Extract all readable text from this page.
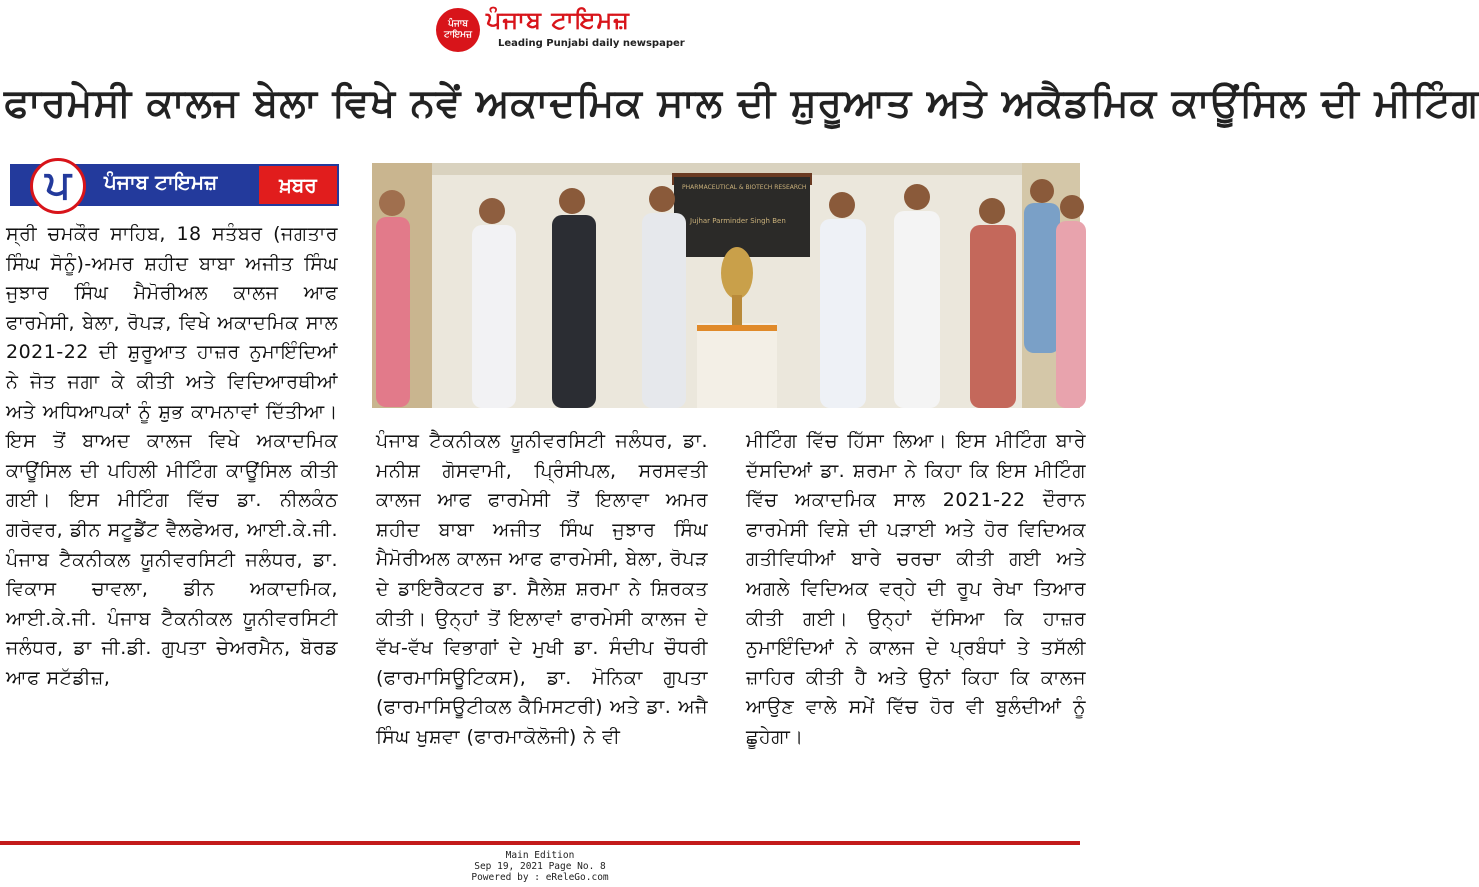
ਪੰਜਾਬ ਟਾਇਮਜ਼
ਪੰਜਾਬ ਟਾਇਮਜ਼
Leading Punjabi daily newspaper
ਫਾਰਮੇਸੀ ਕਾਲਜ ਬੇਲਾ ਵਿਖੇ ਨਵੇਂ ਅਕਾਦਮਿਕ ਸਾਲ ਦੀ ਸ਼ੁਰੂਆਤ ਅਤੇ ਅਕੈਡਮਿਕ ਕਾਊਂਸਿਲ ਦੀ ਮੀਟਿੰਗ
ਪ	ਪੰਜਾਬ ਟਾਇਮਜ਼	ਖ਼ਬਰ

ਸ੍ਰੀ ਚਮਕੌਰ ਸਾਹਿਬ, 18 ਸਤੰਬਰ (ਜਗਤਾਰ ਸਿੰਘ ਸੋਨੂੰ)-ਅਮਰ ਸ਼ਹੀਦ ਬਾਬਾ ਅਜੀਤ ਸਿੰਘ ਜੁਝਾਰ ਸਿੰਘ ਮੈਮੋਰੀਅਲ ਕਾਲਜ ਆਫ ਫਾਰਮੇਸੀ, ਬੇਲਾ, ਰੋਪੜ, ਵਿਖੇ ਅਕਾਦਮਿਕ ਸਾਲ 2021-22 ਦੀ ਸ਼ੁਰੂਆਤ ਹਾਜ਼ਰ ਨੁਮਾਇੰਦਿਆਂ ਨੇ ਜੋਤ ਜਗਾ ਕੇ ਕੀਤੀ ਅਤੇ ਵਿਦਿਆਰਥੀਆਂ ਅਤੇ ਅਧਿਆਪਕਾਂ ਨੂੰ ਸ਼ੁਭ ਕਾਮਨਾਵਾਂ ਦਿੱਤੀਆ। ਇਸ ਤੋਂ ਬਾਅਦ ਕਾਲਜ ਵਿਖੇ ਅਕਾਦਮਿਕ ਕਾਊਂਸਿਲ ਦੀ ਪਹਿਲੀ ਮੀਟਿੰਗ ਕਾਊਂਸਿਲ ਕੀਤੀ ਗਈ। ਇਸ ਮੀਟਿੰਗ ਵਿੱਚ ਡਾ. ਨੀਲਕੰਠ ਗਰੋਵਰ, ਡੀਨ ਸਟੂਡੈਂਟ ਵੈਲਫੇਅਰ, ਆਈ.ਕੇ.ਜੀ. ਪੰਜਾਬ ਟੈਕਨੀਕਲ ਯੂਨੀਵਰਸਿਟੀ ਜਲੰਧਰ, ਡਾ. ਵਿਕਾਸ ਚਾਵਲਾ, ਡੀਨ ਅਕਾਦਮਿਕ, ਆਈ.ਕੇ.ਜੀ. ਪੰਜਾਬ ਟੈਕਨੀਕਲ ਯੂਨੀਵਰਸਿਟੀ ਜਲੰਧਰ, ਡਾ ਜੀ.ਡੀ. ਗੁਪਤਾ ਚੇਅਰਮੈਨ, ਬੋਰਡ ਆਫ ਸਟੱਡੀਜ਼,

PHARMACEUTICAL & BIOTECH RESEARCH
Jujhar Parminder Singh Ben

ਪੰਜਾਬ ਟੈਕਨੀਕਲ ਯੂਨੀਵਰਸਿਟੀ ਜਲੰਧਰ, ਡਾ. ਮਨੀਸ਼ ਗੋਸਵਾਮੀ, ਪ੍ਰਿੰਸੀਪਲ, ਸਰਸਵਤੀ ਕਾਲਜ ਆਫ ਫਾਰਮੇਸੀ ਤੋਂ ਇਲਾਵਾ ਅਮਰ ਸ਼ਹੀਦ ਬਾਬਾ ਅਜੀਤ ਸਿੰਘ ਜੁਝਾਰ ਸਿੰਘ ਮੈਮੋਰੀਅਲ ਕਾਲਜ ਆਫ ਫਾਰਮੇਸੀ, ਬੇਲਾ, ਰੋਪੜ ਦੇ ਡਾਇਰੈਕਟਰ ਡਾ. ਸੈਲੇਸ਼ ਸ਼ਰਮਾ ਨੇ ਸ਼ਿਰਕਤ ਕੀਤੀ। ਉਨ੍ਹਾਂ ਤੋਂ ਇਲਾਵਾਂ ਫਾਰਮੇਸੀ ਕਾਲਜ ਦੇ ਵੱਖ-ਵੱਖ ਵਿਭਾਗਾਂ ਦੇ ਮੁਖੀ ਡਾ. ਸੰਦੀਪ ਚੌਧਰੀ (ਫਾਰਮਾਸਿਊਟਿਕਸ), ਡਾ. ਮੋਨਿਕਾ ਗੁਪਤਾ (ਫਾਰਮਾਸਿਊਟੀਕਲ ਕੈਮਿਸਟਰੀ) ਅਤੇ ਡਾ. ਅਜੈ ਸਿੰਘ ਖੁਸ਼ਵਾ (ਫਾਰਮਾਕੋਲੋਜੀ) ਨੇ ਵੀ

ਮੀਟਿੰਗ ਵਿੱਚ ਹਿੱਸਾ ਲਿਆ। ਇਸ ਮੀਟਿੰਗ ਬਾਰੇ ਦੱਸਦਿਆਂ ਡਾ. ਸ਼ਰਮਾ ਨੇ ਕਿਹਾ ਕਿ ਇਸ ਮੀਟਿੰਗ ਵਿੱਚ ਅਕਾਦਮਿਕ ਸਾਲ 2021-22 ਦੌਰਾਨ ਫਾਰਮੇਸੀ ਵਿਸ਼ੇ ਦੀ ਪੜਾਈ ਅਤੇ ਹੋਰ ਵਿਦਿਅਕ ਗਤੀਵਿਧੀਆਂ ਬਾਰੇ ਚਰਚਾ ਕੀਤੀ ਗਈ ਅਤੇ ਅਗਲੇ ਵਿਦਿਅਕ ਵਰ੍ਹੇ ਦੀ ਰੂਪ ਰੇਖਾ ਤਿਆਰ ਕੀਤੀ ਗਈ। ਉਨ੍ਹਾਂ ਦੱਸਿਆ ਕਿ ਹਾਜ਼ਰ ਨੁਮਾਇੰਦਿਆਂ ਨੇ ਕਾਲਜ ਦੇ ਪ੍ਰਬੰਧਾਂ ਤੇ ਤਸੱਲੀ ਜ਼ਾਹਿਰ ਕੀਤੀ ਹੈ ਅਤੇ ਉਨਾਂ ਕਿਹਾ ਕਿ ਕਾਲਜ ਆਉਣ ਵਾਲੇ ਸਮੇਂ ਵਿੱਚ ਹੋਰ ਵੀ ਬੁਲੰਦੀਆਂ ਨੂੰ ਛੂਹੇਗਾ।

Main Edition
Sep 19, 2021 Page No. 8
Powered by : eReleGo.com
